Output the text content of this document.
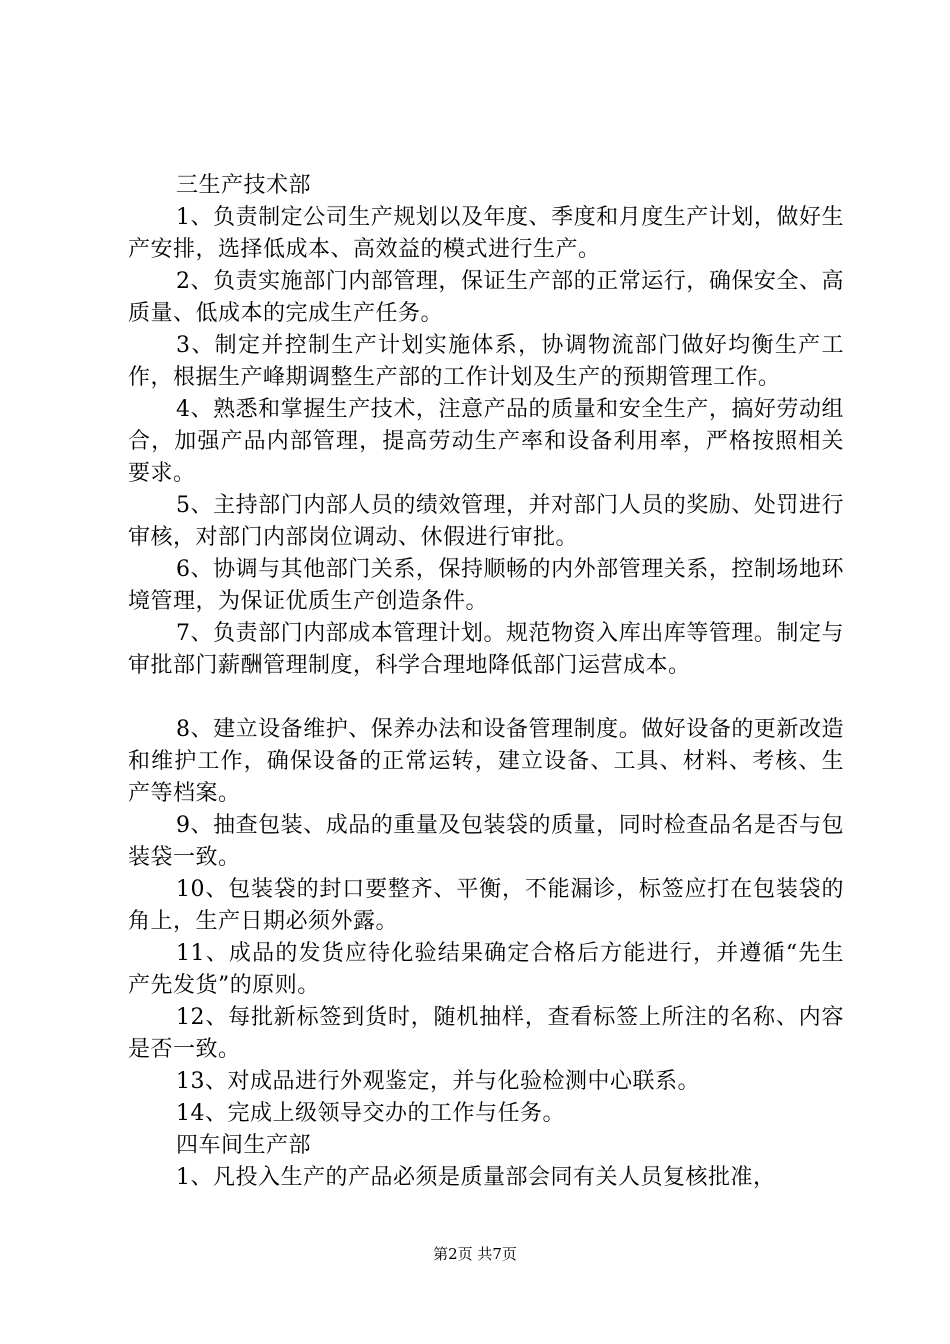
三生产技术部

1、负责制定公司生产规划以及年度、季度和月度生产计划，做好生产安排，选择低成本、高效益的模式进行生产。

2、负责实施部门内部管理，保证生产部的正常运行，确保安全、高质量、低成本的完成生产任务。

3、制定并控制生产计划实施体系，协调物流部门做好均衡生产工作，根据生产峰期调整生产部的工作计划及生产的预期管理工作。

4、熟悉和掌握生产技术，注意产品的质量和安全生产，搞好劳动组合，加强产品内部管理，提高劳动生产率和设备利用率，严格按照相关要求。

5、主持部门内部人员的绩效管理，并对部门人员的奖励、处罚进行审核，对部门内部岗位调动、休假进行审批。

6、协调与其他部门关系，保持顺畅的内外部管理关系，控制场地环境管理，为保证优质生产创造条件。

7、负责部门内部成本管理计划。规范物资入库出库等管理。制定与审批部门薪酬管理制度，科学合理地降低部门运营成本。

8、建立设备维护、保养办法和设备管理制度。做好设备的更新改造和维护工作，确保设备的正常运转，建立设备、工具、材料、考核、生产等档案。

9、抽查包装、成品的重量及包装袋的质量，同时检查品名是否与包装袋一致。

10、包装袋的封口要整齐、平衡，不能漏诊，标签应打在包装袋的角上，生产日期必须外露。

11、成品的发货应待化验结果确定合格后方能进行，并遵循“先生产先发货”的原则。

12、每批新标签到货时，随机抽样，查看标签上所注的名称、内容是否一致。

13、对成品进行外观鉴定，并与化验检测中心联系。

14、完成上级领导交办的工作与任务。

四车间生产部

1、凡投入生产的产品必须是质量部会同有关人员复核批准，

第2页 共7页
